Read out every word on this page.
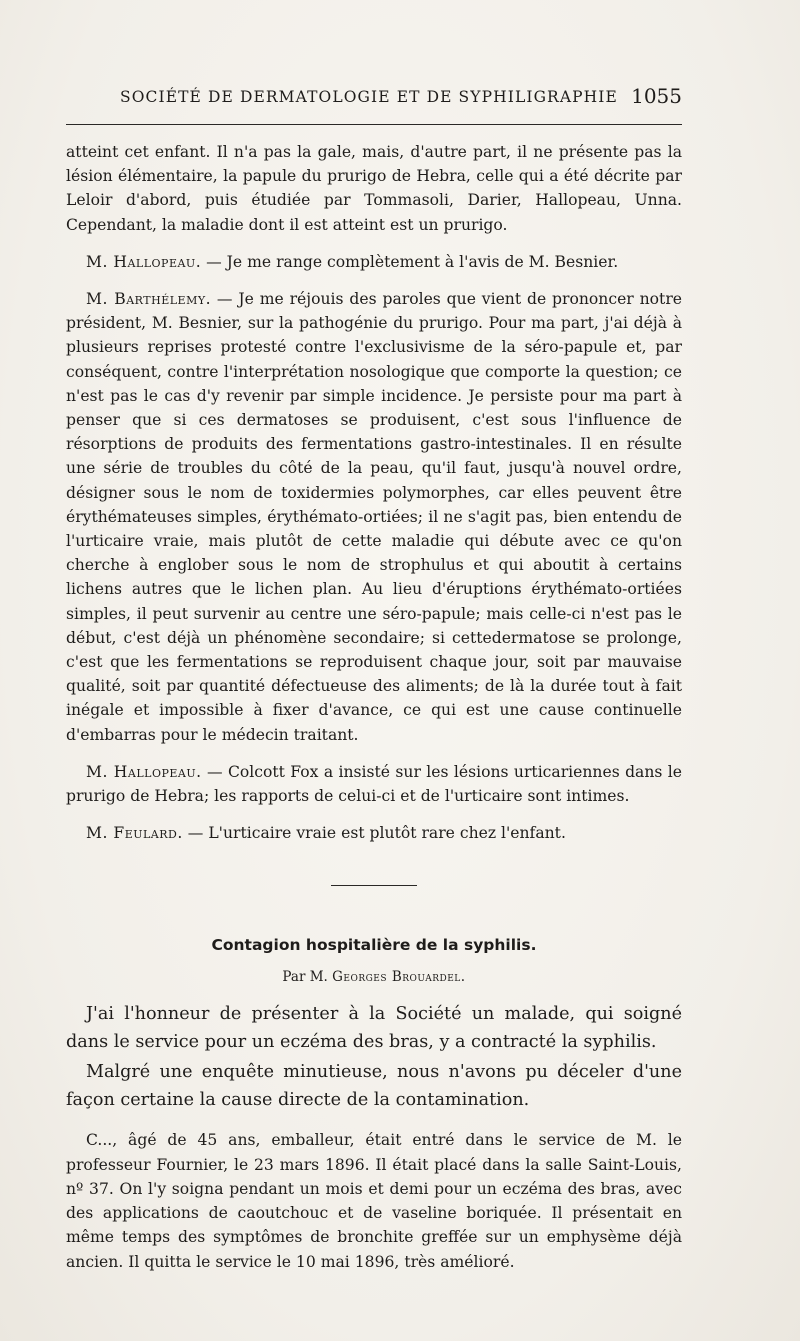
SOCIÉTÉ DE DERMATOLOGIE ET DE SYPHILIGRAPHIE 1055

atteint cet enfant. Il n'a pas la gale, mais, d'autre part, il ne présente pas la lésion élémentaire, la papule du prurigo de Hebra, celle qui a été décrite par Leloir d'abord, puis étudiée par Tommasoli, Darier, Hallopeau, Unna. Cependant, la maladie dont il est atteint est un prurigo.

M. Hallopeau. — Je me range complètement à l'avis de M. Besnier.

M. Barthélemy. — Je me réjouis des paroles que vient de prononcer notre président, M. Besnier, sur la pathogénie du prurigo. Pour ma part, j'ai déjà à plusieurs reprises protesté contre l'exclusivisme de la séro-papule et, par conséquent, contre l'interprétation nosologique que comporte la question; ce n'est pas le cas d'y revenir par simple incidence. Je persiste pour ma part à penser que si ces dermatoses se produisent, c'est sous l'influence de résorptions de produits des fermentations gastro-intestinales. Il en résulte une série de troubles du côté de la peau, qu'il faut, jusqu'à nouvel ordre, désigner sous le nom de toxidermies polymorphes, car elles peuvent être érythémateuses simples, érythémato-ortiées; il ne s'agit pas, bien entendu de l'urticaire vraie, mais plutôt de cette maladie qui débute avec ce qu'on cherche à englober sous le nom de strophulus et qui aboutit à certains lichens autres que le lichen plan. Au lieu d'éruptions érythémato-ortiées simples, il peut survenir au centre une séro-papule; mais celle-ci n'est pas le début, c'est déjà un phénomène secondaire; si cettedermatose se prolonge, c'est que les fermentations se reproduisent chaque jour, soit par mauvaise qualité, soit par quantité défectueuse des aliments; de là la durée tout à fait inégale et impossible à fixer d'avance, ce qui est une cause continuelle d'embarras pour le médecin traitant.

M. Hallopeau. — Colcott Fox a insisté sur les lésions urticariennes dans le prurigo de Hebra; les rapports de celui-ci et de l'urticaire sont intimes.

M. Feulard. — L'urticaire vraie est plutôt rare chez l'enfant.

Contagion hospitalière de la syphilis.
Par M. Georges Brouardel.

J'ai l'honneur de présenter à la Société un malade, qui soigné dans le service pour un eczéma des bras, y a contracté la syphilis.

Malgré une enquête minutieuse, nous n'avons pu déceler d'une façon certaine la cause directe de la contamination.

C..., âgé de 45 ans, emballeur, était entré dans le service de M. le professeur Fournier, le 23 mars 1896. Il était placé dans la salle Saint-Louis, nº 37. On l'y soigna pendant un mois et demi pour un eczéma des bras, avec des applications de caoutchouc et de vaseline boriquée. Il présentait en même temps des symptômes de bronchite greffée sur un emphysème déjà ancien. Il quitta le service le 10 mai 1896, très amélioré.
